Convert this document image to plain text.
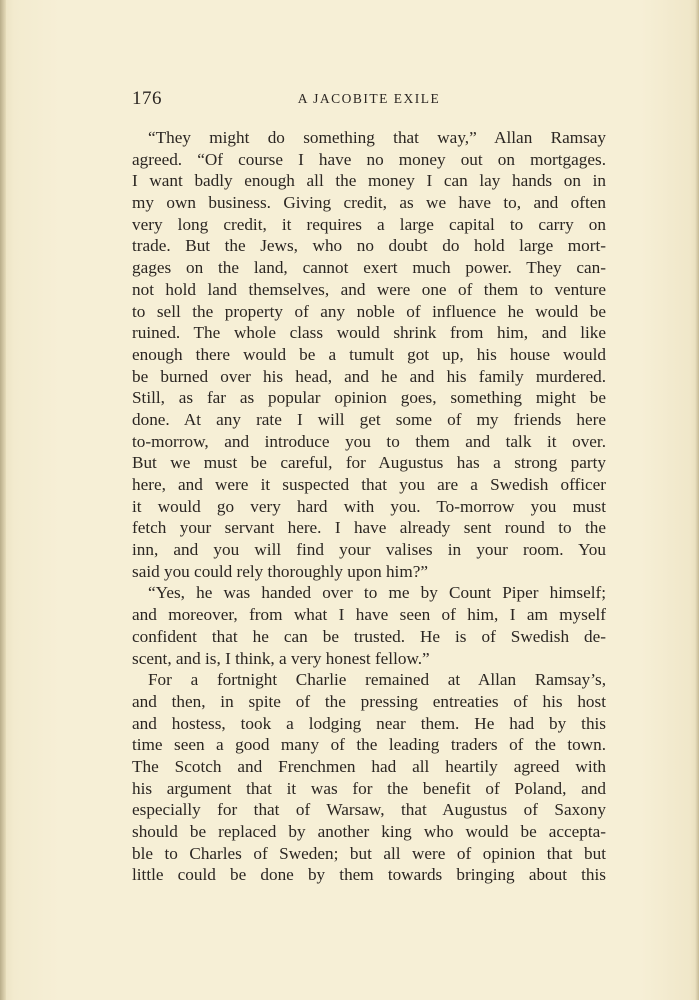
176	A JACOBITE EXILE
“They might do something that way,” Allan Ramsay
agreed. “Of course I have no money out on mortgages.
I want badly enough all the money I can lay hands on in
my own business. Giving credit, as we have to, and often
very long credit, it requires a large capital to carry on
trade. But the Jews, who no doubt do hold large mort-
gages on the land, cannot exert much power. They can-
not hold land themselves, and were one of them to venture
to sell the property of any noble of influence he would be
ruined. The whole class would shrink from him, and like
enough there would be a tumult got up, his house would
be burned over his head, and he and his family murdered.
Still, as far as popular opinion goes, something might be
done. At any rate I will get some of my friends here
to-morrow, and introduce you to them and talk it over.
But we must be careful, for Augustus has a strong party
here, and were it suspected that you are a Swedish officer
it would go very hard with you. To-morrow you must
fetch your servant here. I have already sent round to the
inn, and you will find your valises in your room. You
said you could rely thoroughly upon him?”
“Yes, he was handed over to me by Count Piper himself;
and moreover, from what I have seen of him, I am myself
confident that he can be trusted. He is of Swedish de-
scent, and is, I think, a very honest fellow.”
For a fortnight Charlie remained at Allan Ramsay’s,
and then, in spite of the pressing entreaties of his host
and hostess, took a lodging near them. He had by this
time seen a good many of the leading traders of the town.
The Scotch and Frenchmen had all heartily agreed with
his argument that it was for the benefit of Poland, and
especially for that of Warsaw, that Augustus of Saxony
should be replaced by another king who would be accepta-
ble to Charles of Sweden; but all were of opinion that but
little could be done by them towards bringing about this
